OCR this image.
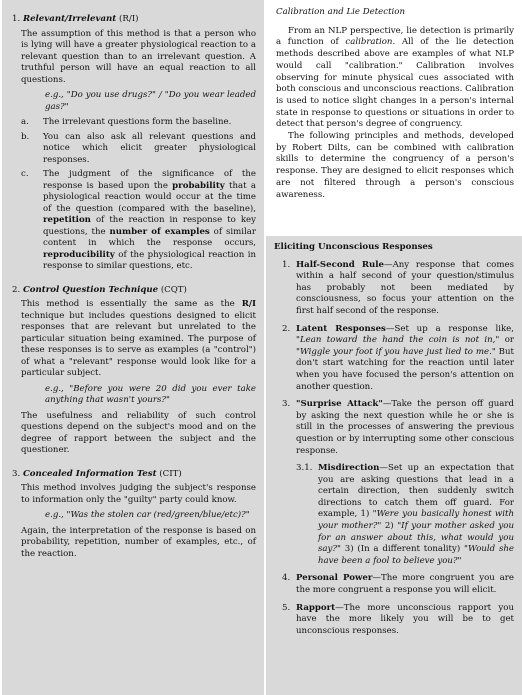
1. Relevant/Irrelevant (R/I)

The assumption of this method is that a person who is lying will have a greater physiological reaction to a relevant question than to an irrelevant question. A truthful person will have an equal reaction to all questions.

e.g., "Do you use drugs?" / "Do you wear leaded gas?"

a.	The irrelevant questions form the baseline.

b.	You can also ask all relevant questions and notice which elicit greater physiological responses.

c.	The judgment of the significance of the response is based upon the probability that a physiological reaction would occur at the time of the question (compared with the baseline), repetition of the reaction in response to key questions, the number of examples of similar content in which the response occurs, reproducibility of the physiological reaction in response to similar questions, etc.

2. Control Question Technique (CQT)

This method is essentially the same as the R/I technique but includes questions designed to elicit responses that are relevant but unrelated to the particular situation being examined. The purpose of these responses is to serve as examples (a "control") of what a "relevant" response would look like for a particular subject.

e.g., "Before you were 20 did you ever take anything that wasn't yours?"

The usefulness and reliability of such control questions depend on the subject's mood and on the degree of rapport between the subject and the questioner.

3. Concealed Information Test (CIT)

This method involves judging the subject's response to information only the "guilty" party could know.

e.g., "Was the stolen car (red/green/blue/etc)?"

Again, the interpretation of the response is based on probability, repetition, number of examples, etc., of the reaction.

Calibration and Lie Detection

From an NLP perspective, lie detection is primarily a function of calibration. All of the lie detection methods described above are examples of what NLP would call "calibration." Calibration involves observing for minute physical cues associated with both conscious and unconscious reactions. Calibration is used to notice slight changes in a person's internal state in response to questions or situations in order to detect that person's degree of congruency.

The following principles and methods, developed by Robert Dilts, can be combined with calibration skills to determine the congruency of a person's response. They are designed to elicit responses which are not filtered through a person's conscious awareness.

Eliciting Unconscious Responses
1. Half-Second Rule—Any response that comes within a half second of your question/stimulus has probably not been mediated by consciousness, so focus your attention on the first half second of the response.

2. Latent Responses—Set up a response like, "Lean toward the hand the coin is not in," or "Wiggle your foot if you have just lied to me." But don't start watching for the reaction until later when you have focused the person's attention on another question.

3. "Surprise Attack"—Take the person off guard by asking the next question while he or she is still in the processes of answering the previous question or by interrupting some other conscious response.

3.1. Misdirection—Set up an expectation that you are asking questions that lead in a certain direction, then suddenly switch directions to catch them off guard. For example, 1) "Were you basically honest with your mother?" 2) "If your mother asked you for an answer about this, what would you say?" 3) (In a different tonality) "Would she have been a fool to believe you?"

4. Personal Power—The more congruent you are the more congruent a response you will elicit.

5. Rapport—The more unconscious rapport you have the more likely you will be to get unconscious responses.
